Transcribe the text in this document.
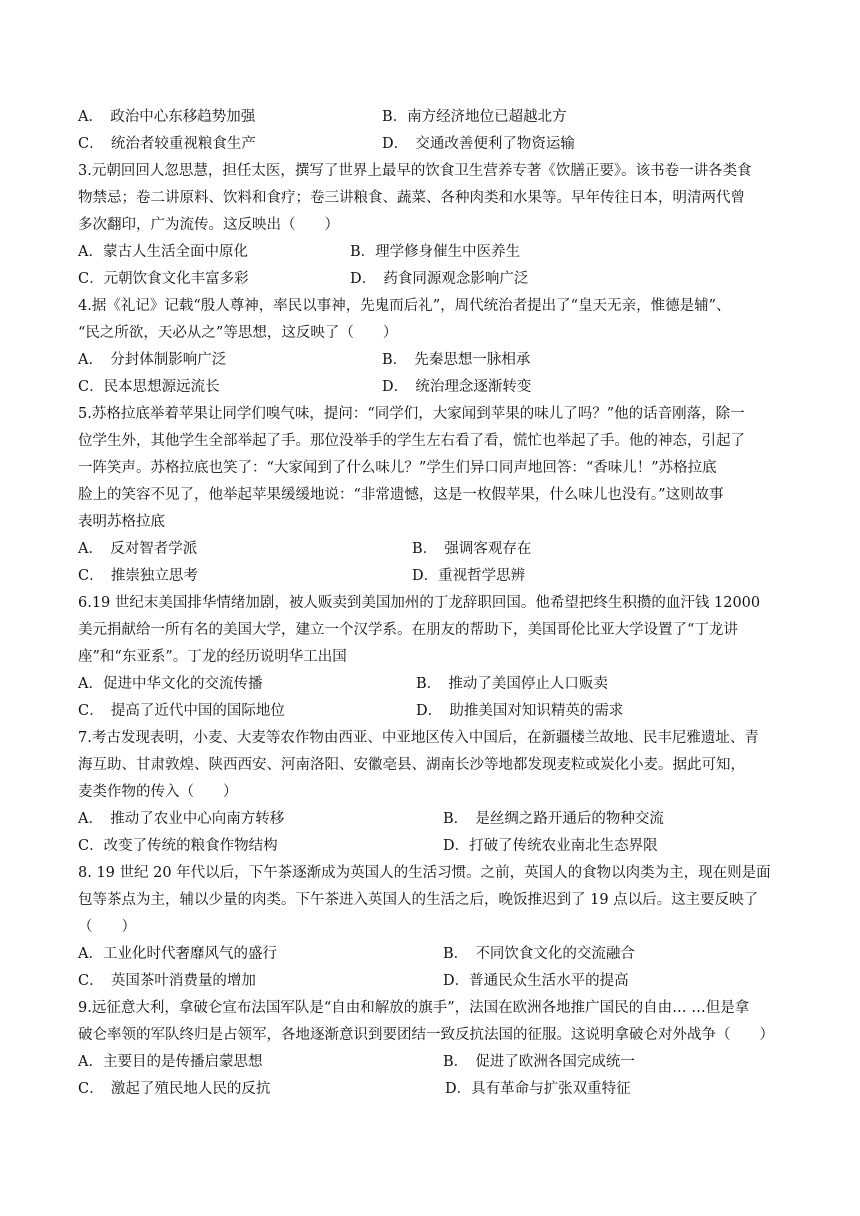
A．　政治中心东移趋势加强	B．南方经济地位已超越北方
C．　统治者较重视粮食生产	D．　交通改善便利了物资运输
3.元朝回回人忽思慧，担任太医，撰写了世界上最早的饮食卫生营养专著《饮膳正要》。该书卷一讲各类食
物禁忌；卷二讲原料、饮料和食疗；卷三讲粮食、蔬菜、各种肉类和水果等。早年传往日本，明清两代曾
多次翻印，广为流传。这反映出（　　）
A．蒙古人生活全面中原化	B．理学修身催生中医养生
C．元朝饮食文化丰富多彩	D．　药食同源观念影响广泛
4.据《礼记》记载“殷人尊神，率民以事神，先鬼而后礼”，周代统治者提出了“皇天无亲，惟德是辅”、
“民之所欲，天必从之”等思想，这反映了（　　）
A．　分封体制影响广泛	B．　先秦思想一脉相承
C．民本思想源远流长	D．　统治理念逐渐转变
5.苏格拉底举着苹果让同学们嗅气味，提问：“同学们，大家闻到苹果的味儿了吗？”他的话音刚落，除一
位学生外，其他学生全部举起了手。那位没举手的学生左右看了看，慌忙也举起了手。他的神态，引起了
一阵笑声。苏格拉底也笑了：“大家闻到了什么味儿？”学生们异口同声地回答：“香味儿！”苏格拉底
脸上的笑容不见了，他举起苹果缓缓地说：“非常遗憾，这是一枚假苹果，什么味儿也没有。”这则故事
表明苏格拉底
A．　反对智者学派	B．　强调客观存在
C．　推崇独立思考	D．重视哲学思辨
6.19 世纪末美国排华情绪加剧，被人贩卖到美国加州的丁龙辞职回国。他希望把终生积攒的血汗钱 12000
美元捐献给一所有名的美国大学，建立一个汉学系。在朋友的帮助下，美国哥伦比亚大学设置了“丁龙讲
座”和“东亚系”。丁龙的经历说明华工出国
A．促进中华文化的交流传播	B．　推动了美国停止人口贩卖
C．　提高了近代中国的国际地位	D．　助推美国对知识精英的需求
7.考古发现表明，小麦、大麦等农作物由西亚、中亚地区传入中国后，在新疆楼兰故地、民丰尼雅遗址、青
海互助、甘肃敦煌、陕西西安、河南洛阳、安徽亳县、湖南长沙等地都发现麦粒或炭化小麦。据此可知，
麦类作物的传入（　　）
A．　推动了农业中心向南方转移	B．　是丝绸之路开通后的物种交流
C．改变了传统的粮食作物结构	D．打破了传统农业南北生态界限
8. 19 世纪 20 年代以后，下午茶逐渐成为英国人的生活习惯。之前，英国人的食物以肉类为主，现在则是面
包等茶点为主，辅以少量的肉类。下午茶进入英国人的生活之后，晚饭推迟到了 19 点以后。这主要反映了
（　　）
A．工业化时代奢靡风气的盛行	B．　不同饮食文化的交流融合
C．　英国茶叶消费量的增加	D．普通民众生活水平的提高
9.远征意大利，拿破仑宣布法国军队是“自由和解放的旗手”，法国在欧洲各地推广国民的自由… …但是拿
破仑率领的军队终归是占领军，各地逐渐意识到要团结一致反抗法国的征服。这说明拿破仑对外战争（　　）
A．主要目的是传播启蒙思想	B．　促进了欧洲各国完成统一
C．　激起了殖民地人民的反抗	D．具有革命与扩张双重特征
